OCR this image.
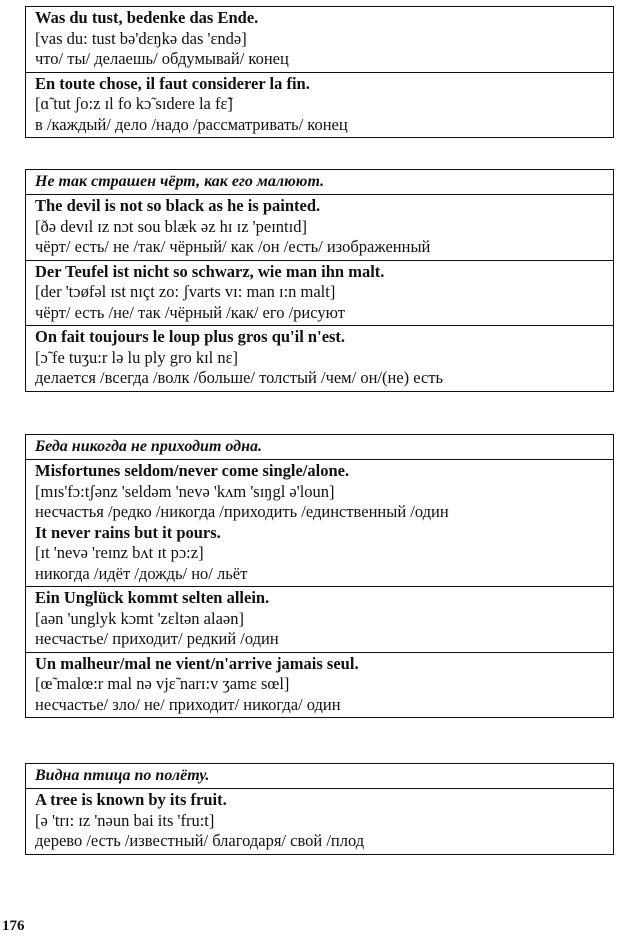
Was du tust, bedenke das Ende.
[vas du: tust bə'dɛŋkə das 'ɛndə]
что/ ты/ делаешь/ обдумывай/ конец
En toute chose, il faut considerer la fin.
[ɑ̃ tut ʃo:z ɪl fo kɔ̃ sɪdere la fɛ̃]
в /каждый/ дело /надо /рассматривать/ конец
Не так страшен чёрт, как его малюют.
The devil is not so black as he is painted.
[ðə devɪl ɪz nɔt sou blæk əz hɪ ɪz 'peɪntɪd]
чёрт/ есть/ не /так/ чёрный/ как /он /есть/ изображенный
Der Teufel ist nicht so schwarz, wie man ihn malt.
[der 'tɔøfəl ɪst nɪçt zo: ʃvarts vɪ: man ɪ:n malt]
чёрт/ есть /не/ так /чёрный /как/ его /рисуют
On fait toujours le loup plus gros qu'il n'est.
[ɔ̃ fe tuʒu:r lə lu ply gro kɪl nɛ]
делается /всегда /волк /больше/ толстый /чем/ он/(не) есть
Беда никогда не приходит одна.
Misfortunes seldom/never come single/alone.
[mɪs'fɔ:tʃənz 'seldəm 'nevə 'kʌm 'sɪŋgl ə'loun]
несчастья /редко /никогда /приходить /единственный /один
It never rains but it pours.
[ɪt 'nevə 'reɪnz bʌt ɪt pɔ:z]
никогда /идёт /дождь/ но/ льёт
Ein Unglück kommt selten allein.
[aən 'unglyk kɔmt 'zɛltən alaən]
несчастье/ приходит/ редкий /один
Un malheur/mal ne vient/n'arrive jamais seul.
[œ̃ malœ:r mal nə vjɛ̃ narɪ:v ʒamɛ sœl]
несчастье/ зло/ не/ приходит/ никогда/ один
Видна птица по полёту.
A tree is known by its fruit.
[ə 'trɪ: ɪz 'nəun bai its 'fru:t]
дерево /есть /известный/ благодаря/ свой /плод
176
